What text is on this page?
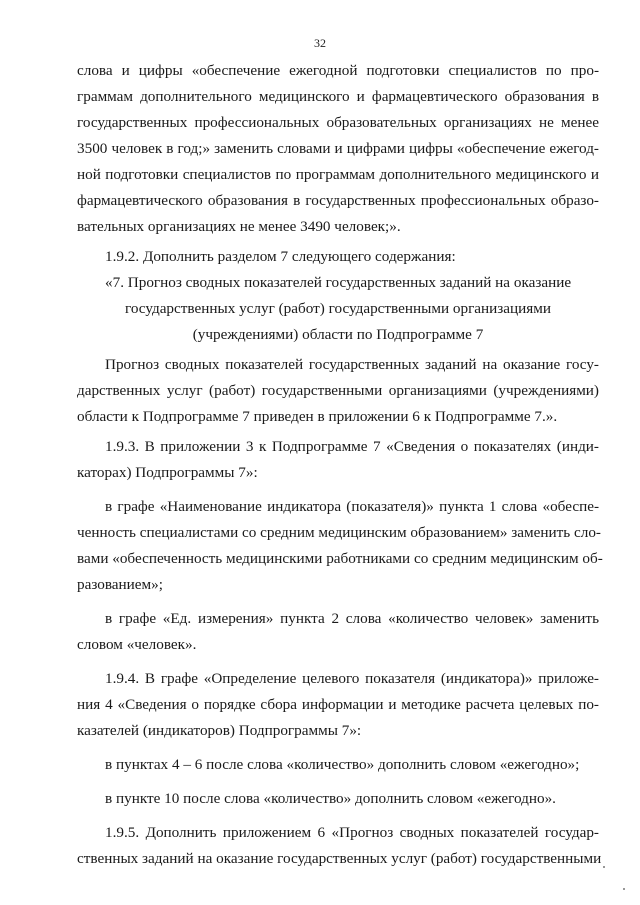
32
слова и цифры «обеспечение ежегодной подготовки специалистов по про-
граммам дополнительного медицинского и фармацевтического образования в
государственных профессиональных образовательных организациях не менее
3500 человек в год;» заменить словами и цифрами цифры «обеспечение ежегод-
ной подготовки специалистов по программам дополнительного медицинского и
фармацевтического образования в государственных профессиональных образо-
вательных организациях не менее 3490 человек;».
1.9.2. Дополнить разделом 7 следующего содержания:
«7. Прогноз сводных показателей государственных заданий на оказание
государственных услуг (работ) государственными организациями
(учреждениями) области по Подпрограмме 7
Прогноз сводных показателей государственных заданий на оказание госу-
дарственных услуг (работ) государственными организациями (учреждениями)
области к Подпрограмме 7 приведен в приложении 6 к Подпрограмме 7.».
1.9.3. В приложении 3 к Подпрограмме 7 «Сведения о показателях (инди-
каторах) Подпрограммы 7»:
в графе «Наименование индикатора (показателя)» пункта 1 слова «обеспе-
ченность специалистами со средним медицинским образованием» заменить сло-
вами «обеспеченность медицинскими работниками со средним медицинским об-
разованием»;
в графе «Ед. измерения» пункта 2 слова «количество человек» заменить
словом «человек».
1.9.4. В графе «Определение целевого показателя (индикатора)» приложе-
ния 4 «Сведения о порядке сбора информации и методике расчета целевых по-
казателей (индикаторов) Подпрограммы 7»:
в пунктах 4 – 6 после слова «количество» дополнить словом «ежегодно»;
в пункте 10 после слова «количество» дополнить словом «ежегодно».
1.9.5. Дополнить приложением 6 «Прогноз сводных показателей государ-
ственных заданий на оказание государственных услуг (работ) государственными
